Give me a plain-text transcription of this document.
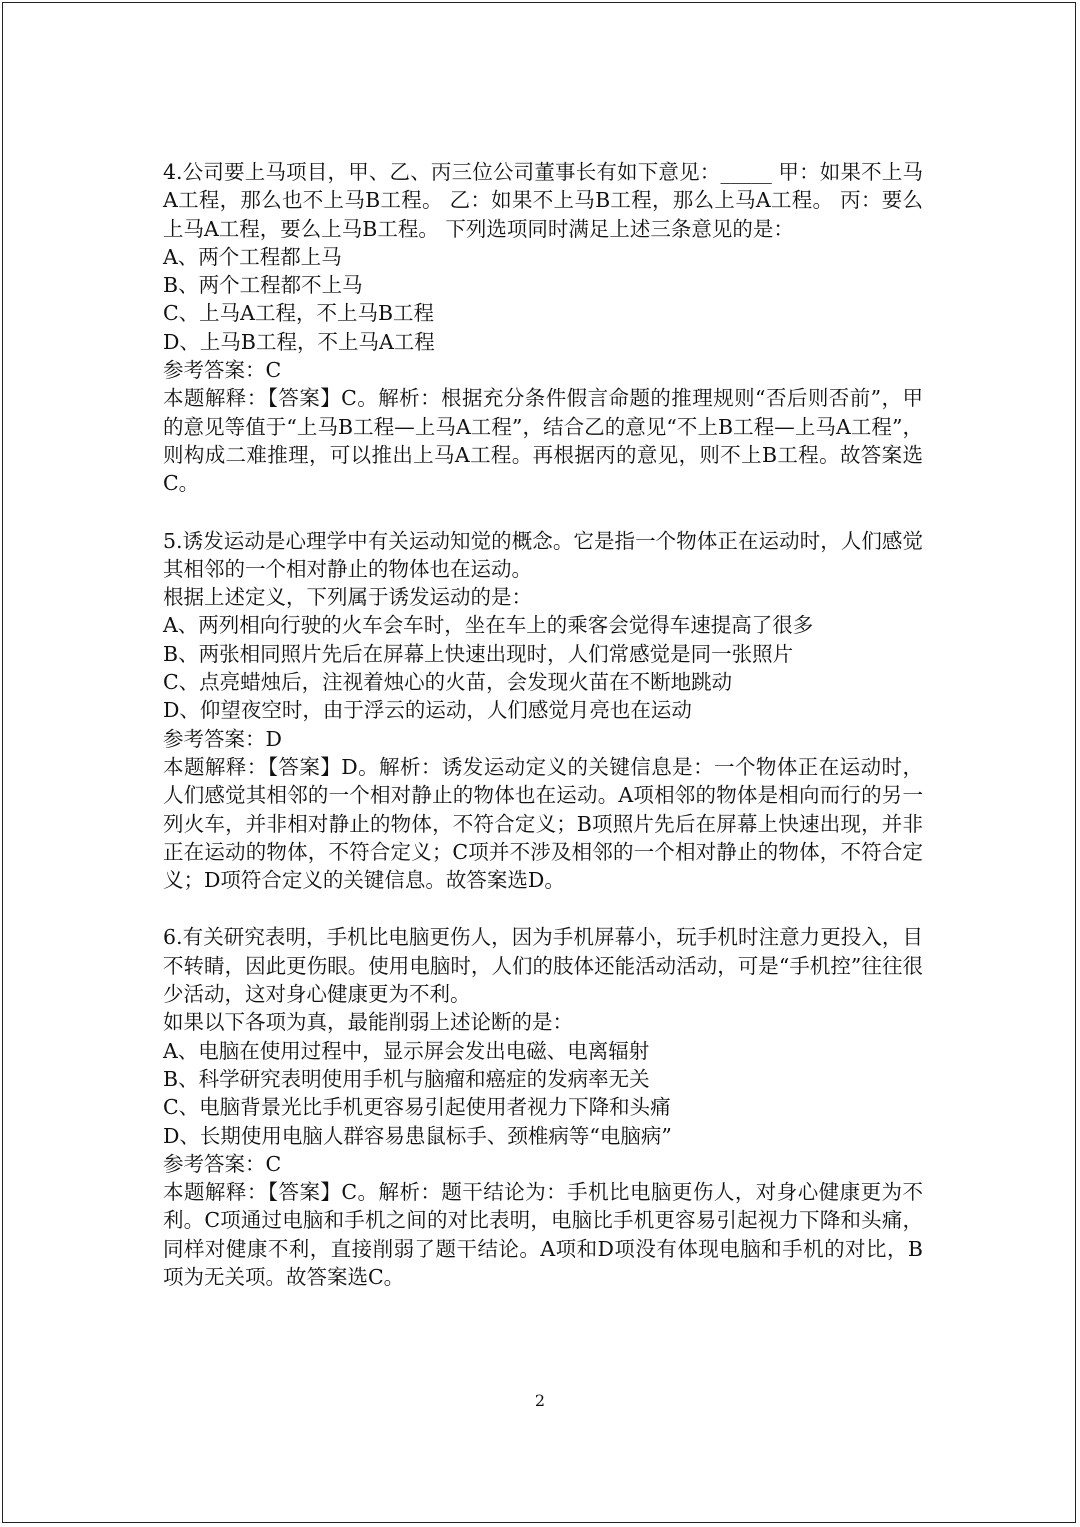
4.公司要上马项目，甲、乙、丙三位公司董事长有如下意见：_____ 甲：如果不上马A工程，那么也不上马B工程。 乙：如果不上马B工程，那么上马A工程。 丙：要么上马A工程，要么上马B工程。 下列选项同时满足上述三条意见的是：

A、两个工程都上马

B、两个工程都不上马

C、上马A工程，不上马B工程

D、上马B工程，不上马A工程

参考答案：C

本题解释：【答案】C。解析：根据充分条件假言命题的推理规则“否后则否前”，甲的意见等值于“上马B工程—上马A工程”，结合乙的意见“不上B工程—上马A工程”，则构成二难推理，可以推出上马A工程。再根据丙的意见，则不上B工程。故答案选C。

5.诱发运动是心理学中有关运动知觉的概念。它是指一个物体正在运动时，人们感觉其相邻的一个相对静止的物体也在运动。

根据上述定义，下列属于诱发运动的是：

A、两列相向行驶的火车会车时，坐在车上的乘客会觉得车速提高了很多

B、两张相同照片先后在屏幕上快速出现时，人们常感觉是同一张照片

C、点亮蜡烛后，注视着烛心的火苗，会发现火苗在不断地跳动

D、仰望夜空时，由于浮云的运动，人们感觉月亮也在运动

参考答案：D

本题解释：【答案】D。解析：诱发运动定义的关键信息是：一个物体正在运动时，人们感觉其相邻的一个相对静止的物体也在运动。A项相邻的物体是相向而行的另一列火车，并非相对静止的物体，不符合定义；B项照片先后在屏幕上快速出现，并非正在运动的物体，不符合定义；C项并不涉及相邻的一个相对静止的物体，不符合定义；D项符合定义的关键信息。故答案选D。

6.有关研究表明，手机比电脑更伤人，因为手机屏幕小，玩手机时注意力更投入，目不转睛，因此更伤眼。使用电脑时，人们的肢体还能活动活动，可是“手机控”往往很少活动，这对身心健康更为不利。

如果以下各项为真，最能削弱上述论断的是：

A、电脑在使用过程中，显示屏会发出电磁、电离辐射

B、科学研究表明使用手机与脑瘤和癌症的发病率无关

C、电脑背景光比手机更容易引起使用者视力下降和头痛

D、长期使用电脑人群容易患鼠标手、颈椎病等“电脑病”

参考答案：C

本题解释：【答案】C。解析：题干结论为：手机比电脑更伤人，对身心健康更为不利。C项通过电脑和手机之间的对比表明，电脑比手机更容易引起视力下降和头痛，同样对健康不利，直接削弱了题干结论。A项和D项没有体现电脑和手机的对比，B项为无关项。故答案选C。

2
